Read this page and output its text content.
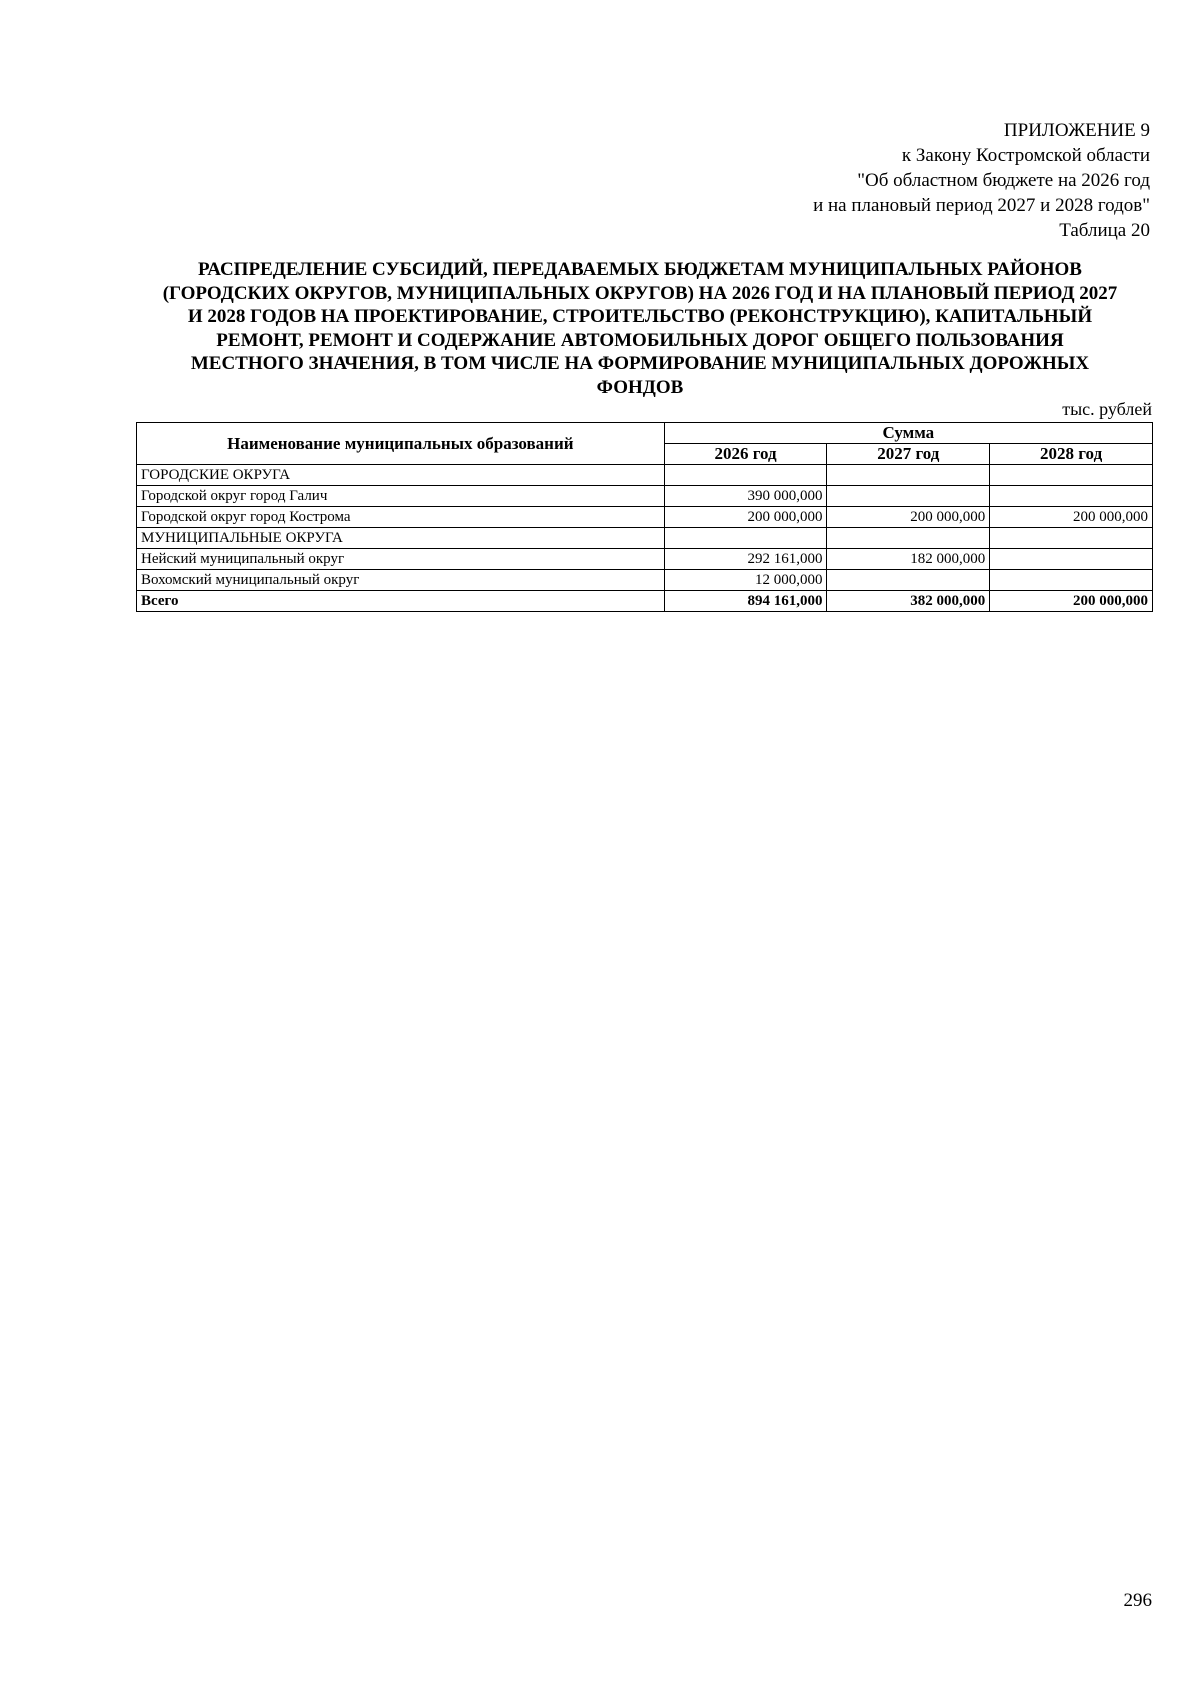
ПРИЛОЖЕНИЕ 9
к Закону Костромской области
"Об областном бюджете на 2026 год
и на плановый период 2027 и 2028 годов"
Таблица 20
РАСПРЕДЕЛЕНИЕ СУБСИДИЙ, ПЕРЕДАВАЕМЫХ БЮДЖЕТАМ МУНИЦИПАЛЬНЫХ РАЙОНОВ
(ГОРОДСКИХ ОКРУГОВ, МУНИЦИПАЛЬНЫХ ОКРУГОВ) НА 2026 ГОД И НА ПЛАНОВЫЙ ПЕРИОД 2027
И 2028 ГОДОВ НА ПРОЕКТИРОВАНИЕ, СТРОИТЕЛЬСТВО (РЕКОНСТРУКЦИЮ), КАПИТАЛЬНЫЙ
РЕМОНТ, РЕМОНТ И СОДЕРЖАНИЕ АВТОМОБИЛЬНЫХ ДОРОГ ОБЩЕГО ПОЛЬЗОВАНИЯ
МЕСТНОГО ЗНАЧЕНИЯ, В ТОМ ЧИСЛЕ НА ФОРМИРОВАНИЕ МУНИЦИПАЛЬНЫХ ДОРОЖНЫХ
ФОНДОВ
тыс. рублей
Наименование муниципальных образований	Сумма		
	2026 год	2027 год	2028 год
ГОРОДСКИЕ ОКРУГА			
Городской округ город Галич	390 000,000		
Городской округ город Кострома	200 000,000	200 000,000	200 000,000
МУНИЦИПАЛЬНЫЕ ОКРУГА			
Нейский муниципальный округ	292 161,000	182 000,000	
Вохомский муниципальный округ	12 000,000		
Всего	894 161,000	382 000,000	200 000,000
296
